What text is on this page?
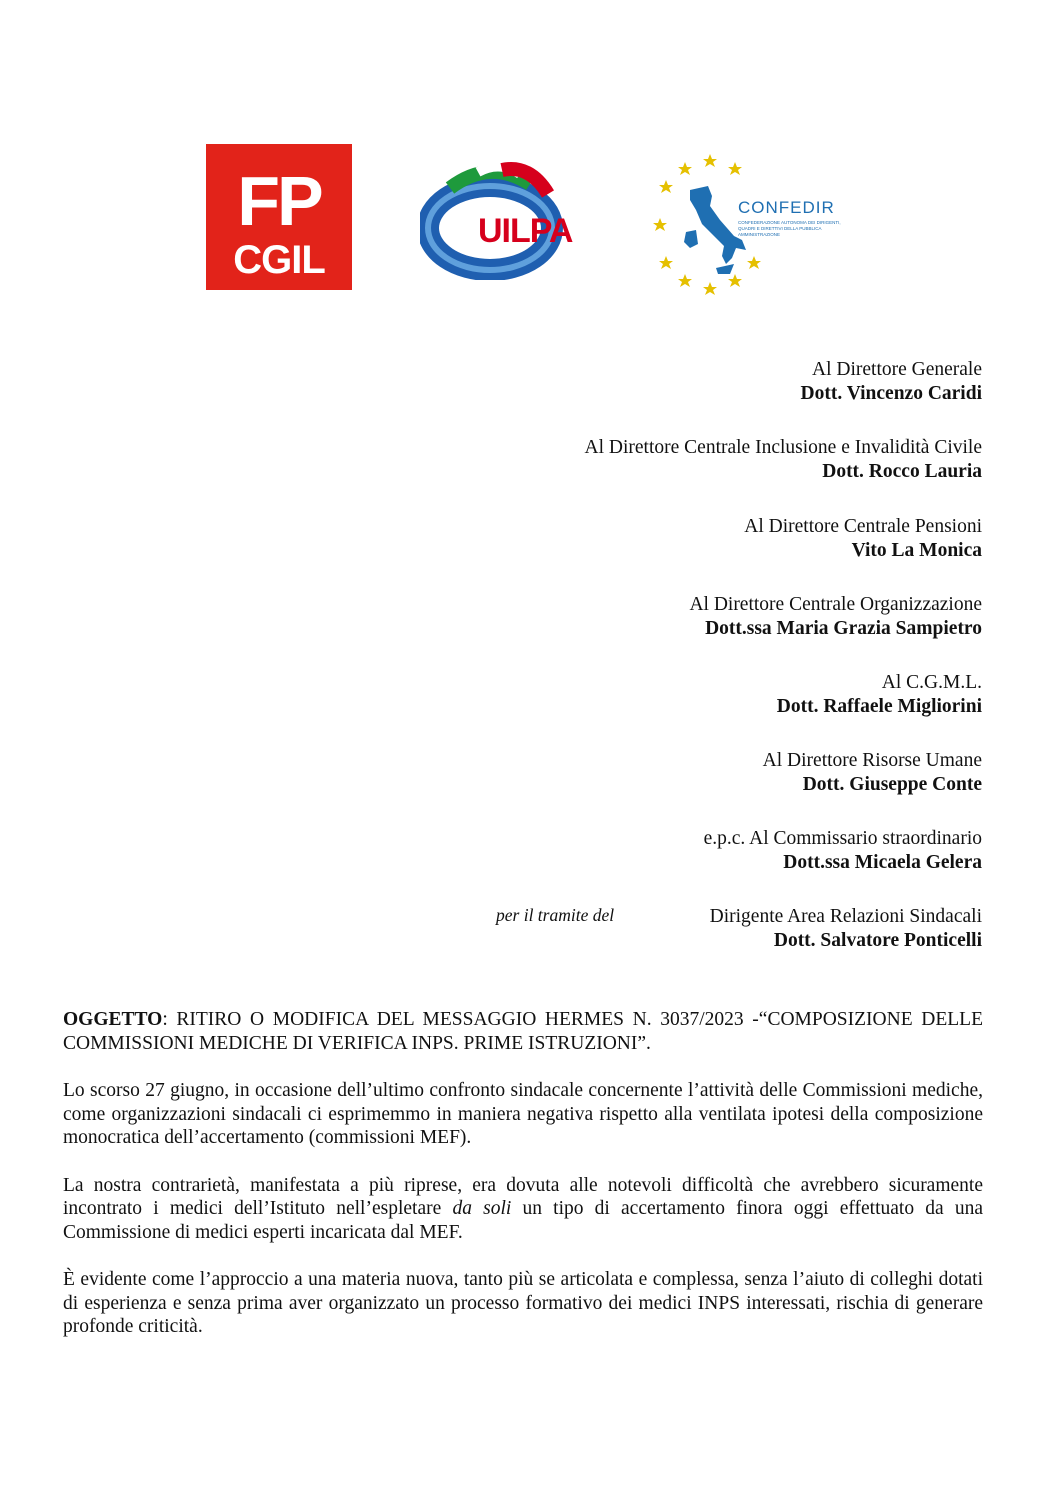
FP
CGIL
UILPA
CONFEDIR
CONFEDERAZIONE AUTONOMA DEI DIRIGENTI, QUADRI E DIRETTIVI DELLA PUBBLICA AMMINISTRAZIONE
Al Direttore Generale
Dott. Vincenzo Caridi
Al Direttore Centrale Inclusione e Invalidità Civile
Dott. Rocco Lauria
Al Direttore Centrale Pensioni
Vito La Monica
Al Direttore Centrale Organizzazione
Dott.ssa Maria Grazia Sampietro
Al C.G.M.L.
Dott. Raffaele Migliorini
Al Direttore Risorse Umane
Dott. Giuseppe Conte
e.p.c. Al Commissario straordinario
Dott.ssa Micaela Gelera
Dirigente Area Relazioni Sindacali
Dott. Salvatore Ponticelli
per il tramite del

OGGETTO: RITIRO O MODIFICA DEL MESSAGGIO HERMES N. 3037/2023 -“COMPOSIZIONE DELLE COMMISSIONI MEDICHE DI VERIFICA INPS. PRIME ISTRUZIONI”.

Lo scorso 27 giugno, in occasione dell’ultimo confronto sindacale concernente l’attività delle Commissioni mediche, come organizzazioni sindacali ci esprimemmo in maniera negativa rispetto alla ventilata ipotesi della composizione monocratica dell’accertamento (commissioni MEF).

La nostra contrarietà, manifestata a più riprese, era dovuta alle notevoli difficoltà che avrebbero sicuramente incontrato i medici dell’Istituto nell’espletare da soli un tipo di accertamento finora oggi effettuato da una Commissione di medici esperti incaricata dal MEF.

È evidente come l’approccio a una materia nuova, tanto più se articolata e complessa, senza l’aiuto di colleghi dotati di esperienza e senza prima aver organizzato un processo formativo dei medici INPS interessati, rischia di generare profonde criticità.
